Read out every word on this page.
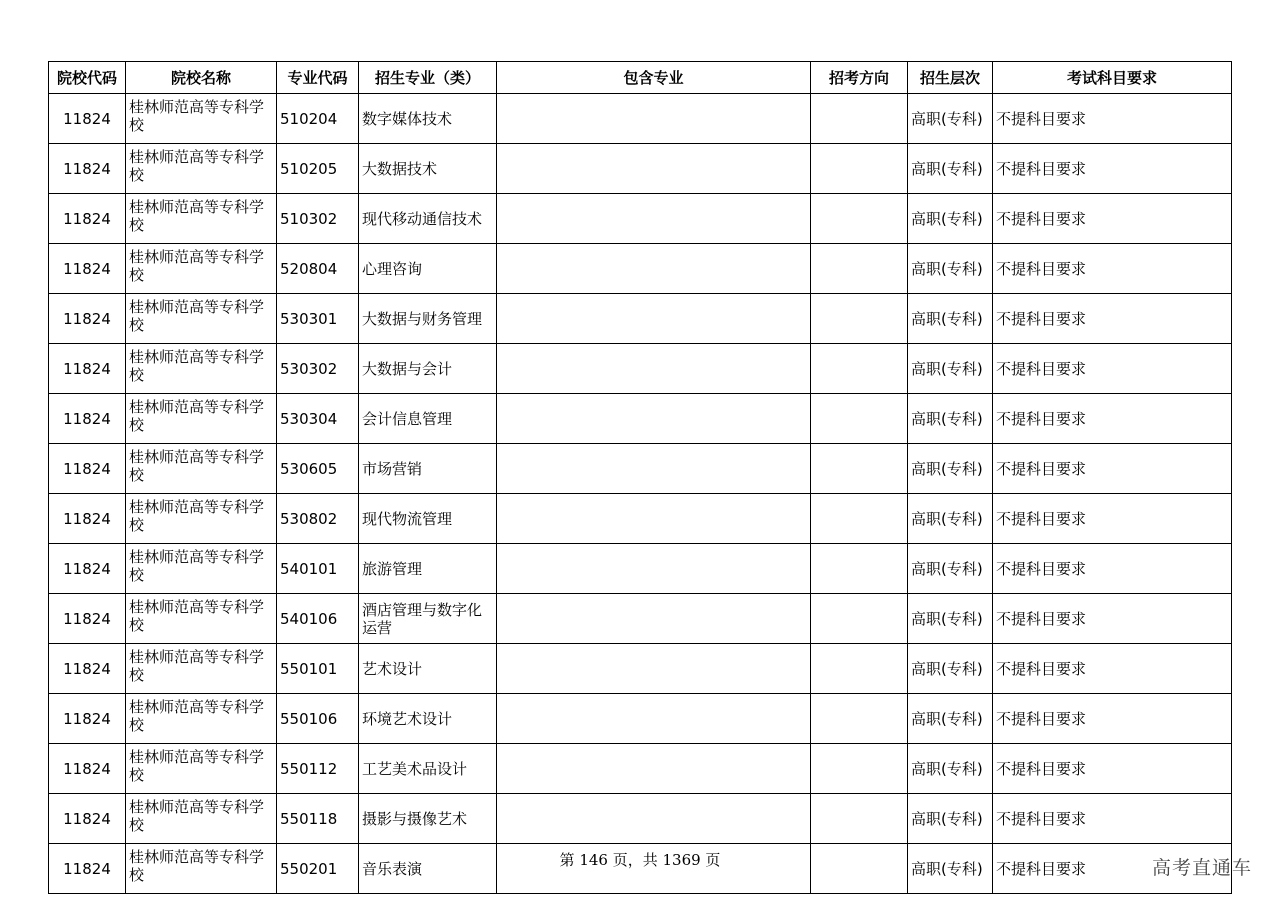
院校代码	院校名称	专业代码	招生专业（类）	包含专业	招考方向	招生层次	考试科目要求
11824	桂林师范高等专科学校	510204	数字媒体技术			高职(专科)	不提科目要求
11824	桂林师范高等专科学校	510205	大数据技术			高职(专科)	不提科目要求
11824	桂林师范高等专科学校	510302	现代移动通信技术			高职(专科)	不提科目要求
11824	桂林师范高等专科学校	520804	心理咨询			高职(专科)	不提科目要求
11824	桂林师范高等专科学校	530301	大数据与财务管理			高职(专科)	不提科目要求
11824	桂林师范高等专科学校	530302	大数据与会计			高职(专科)	不提科目要求
11824	桂林师范高等专科学校	530304	会计信息管理			高职(专科)	不提科目要求
11824	桂林师范高等专科学校	530605	市场营销			高职(专科)	不提科目要求
11824	桂林师范高等专科学校	530802	现代物流管理			高职(专科)	不提科目要求
11824	桂林师范高等专科学校	540101	旅游管理			高职(专科)	不提科目要求
11824	桂林师范高等专科学校	540106	酒店管理与数字化运营			高职(专科)	不提科目要求
11824	桂林师范高等专科学校	550101	艺术设计			高职(专科)	不提科目要求
11824	桂林师范高等专科学校	550106	环境艺术设计			高职(专科)	不提科目要求
11824	桂林师范高等专科学校	550112	工艺美术品设计			高职(专科)	不提科目要求
11824	桂林师范高等专科学校	550118	摄影与摄像艺术			高职(专科)	不提科目要求
11824	桂林师范高等专科学校	550201	音乐表演			高职(专科)	不提科目要求
第 146 页，共 1369 页	高考直通车
